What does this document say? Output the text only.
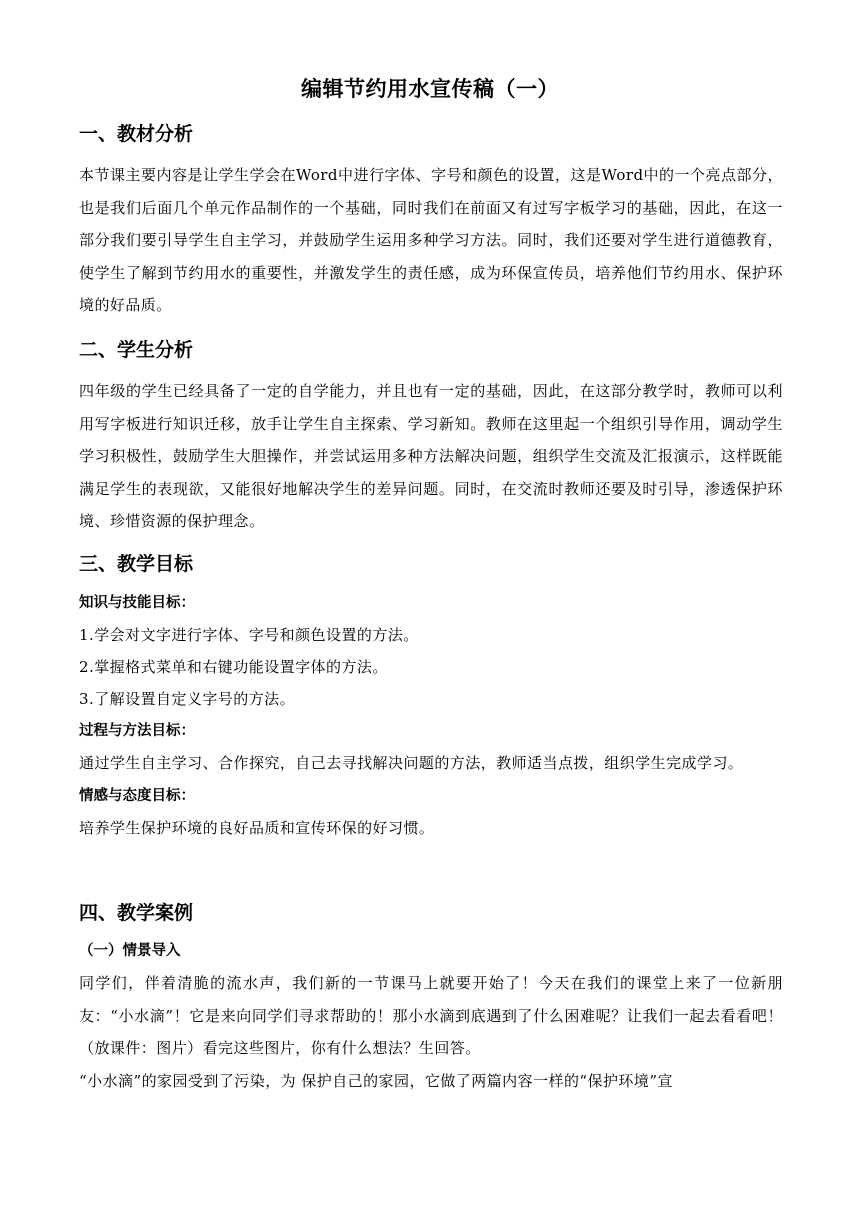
编辑节约用水宣传稿（一）
一、教材分析
本节课主要内容是让学生学会在Word中进行字体、字号和颜色的设置，这是Word中的一个亮点部分，也是我们后面几个单元作品制作的一个基础，同时我们在前面又有过写字板学习的基础，因此，在这一部分我们要引导学生自主学习，并鼓励学生运用多种学习方法。同时，我们还要对学生进行道德教育，使学生了解到节约用水的重要性，并激发学生的责任感，成为环保宣传员，培养他们节约用水、保护环境的好品质。
二、学生分析
四年级的学生已经具备了一定的自学能力，并且也有一定的基础，因此，在这部分教学时，教师可以利用写字板进行知识迁移，放手让学生自主探索、学习新知。教师在这里起一个组织引导作用，调动学生学习积极性，鼓励学生大胆操作，并尝试运用多种方法解决问题，组织学生交流及汇报演示，这样既能满足学生的表现欲，又能很好地解决学生的差异问题。同时，在交流时教师还要及时引导，渗透保护环境、珍惜资源的保护理念。
三、教学目标
知识与技能目标：
1.学会对文字进行字体、字号和颜色设置的方法。
2.掌握格式菜单和右键功能设置字体的方法。
3.了解设置自定义字号的方法。
过程与方法目标：
通过学生自主学习、合作探究，自己去寻找解决问题的方法，教师适当点拨，组织学生完成学习。
情感与态度目标：
培养学生保护环境的良好品质和宣传环保的好习惯。
四、教学案例
（一）情景导入
同学们，伴着清脆的流水声，我们新的一节课马上就要开始了！今天在我们的课堂上来了一位新朋友：“小水滴”！它是来向同学们寻求帮助的！那小水滴到底遇到了什么困难呢？让我们一起去看看吧！（放课件：图片）看完这些图片，你有什么想法？生回答。
“小水滴”的家园受到了污染，为 保护自己的家园，它做了两篇内容一样的“保护环境”宣
